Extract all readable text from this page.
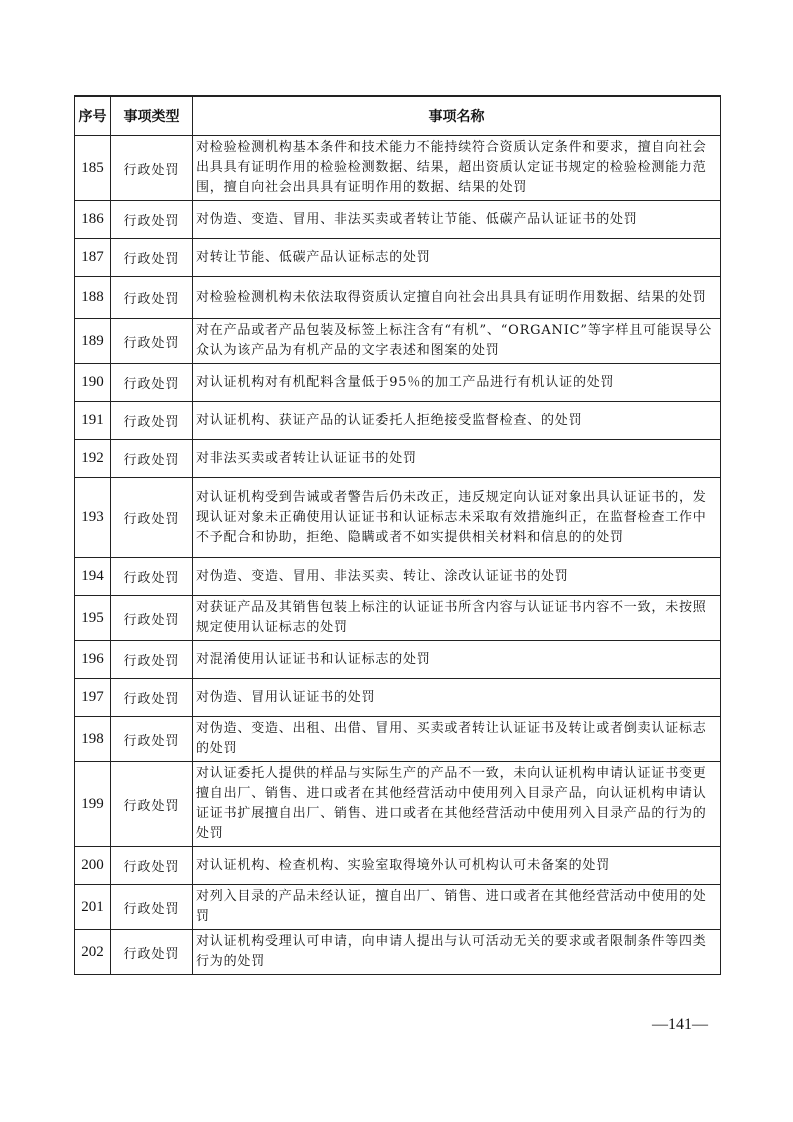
序号	事项类型	事项名称
185	行政处罚	对检验检测机构基本条件和技术能力不能持续符合资质认定条件和要求，擅自向社会出具具有证明作用的检验检测数据、结果，超出资质认定证书规定的检验检测能力范围，擅自向社会出具具有证明作用的数据、结果的处罚
186	行政处罚	对伪造、变造、冒用、非法买卖或者转让节能、低碳产品认证证书的处罚
187	行政处罚	对转让节能、低碳产品认证标志的处罚
188	行政处罚	对检验检测机构未依法取得资质认定擅自向社会出具具有证明作用数据、结果的处罚
189	行政处罚	对在产品或者产品包装及标签上标注含有“有机”、“ORGANIC”等字样且可能误导公众认为该产品为有机产品的文字表述和图案的处罚
190	行政处罚	对认证机构对有机配料含量低于95％的加工产品进行有机认证的处罚
191	行政处罚	对认证机构、获证产品的认证委托人拒绝接受监督检查、的处罚
192	行政处罚	对非法买卖或者转让认证证书的处罚
193	行政处罚	对认证机构受到告诫或者警告后仍未改正，违反规定向认证对象出具认证证书的，发现认证对象未正确使用认证证书和认证标志未采取有效措施纠正，在监督检查工作中不予配合和协助，拒绝、隐瞒或者不如实提供相关材料和信息的的处罚
194	行政处罚	对伪造、变造、冒用、非法买卖、转让、涂改认证证书的处罚
195	行政处罚	对获证产品及其销售包装上标注的认证证书所含内容与认证证书内容不一致，未按照规定使用认证标志的处罚
196	行政处罚	对混淆使用认证证书和认证标志的处罚
197	行政处罚	对伪造、冒用认证证书的处罚
198	行政处罚	对伪造、变造、出租、出借、冒用、买卖或者转让认证证书及转让或者倒卖认证标志的处罚
199	行政处罚	对认证委托人提供的样品与实际生产的产品不一致，未向认证机构申请认证证书变更擅自出厂、销售、进口或者在其他经营活动中使用列入目录产品，向认证机构申请认证证书扩展擅自出厂、销售、进口或者在其他经营活动中使用列入目录产品的行为的处罚
200	行政处罚	对认证机构、检查机构、实验室取得境外认可机构认可未备案的处罚
201	行政处罚	对列入目录的产品未经认证，擅自出厂、销售、进口或者在其他经营活动中使用的处罚
202	行政处罚	对认证机构受理认可申请，向申请人提出与认可活动无关的要求或者限制条件等四类行为的处罚
—141—
